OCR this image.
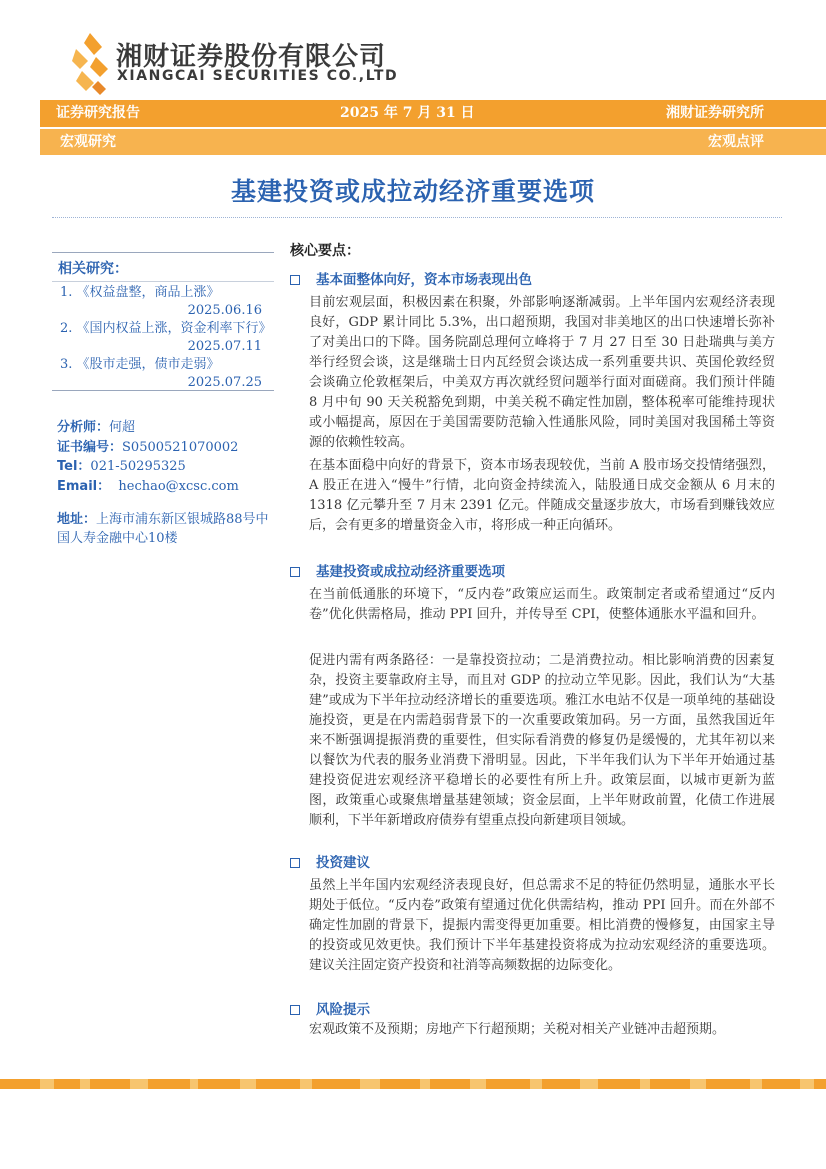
湘财证券股份有限公司
XIANGCAI SECURITIES CO.,LTD
证券研究报告	2025 年 7 月 31 日	湘财证券研究所
宏观研究	宏观点评
基建投资或成拉动经济重要选项
相关研究：
1. 《权益盘整，商品上涨》
2025.06.16
2. 《国内权益上涨，资金利率下行》
2025.07.11
3. 《股市走强，债市走弱》
2025.07.25
分析师：何超
证书编号：S0500521070002
Tel：021-50295325
Email： hechao@xcsc.com
地址：上海市浦东新区银城路88号中国人寿金融中心10楼
核心要点：
基本面整体向好，资本市场表现出色

目前宏观层面，积极因素在积聚，外部影响逐渐减弱。上半年国内宏观经济表现良好，GDP 累计同比 5.3%，出口超预期，我国对非美地区的出口快速增长弥补了对美出口的下降。国务院副总理何立峰将于 7 月 27 日至 30 日赴瑞典与美方举行经贸会谈，这是继瑞士日内瓦经贸会谈达成一系列重要共识、英国伦敦经贸会谈确立伦敦框架后，中美双方再次就经贸问题举行面对面磋商。我们预计伴随 8 月中旬 90 天关税豁免到期，中美关税不确定性加剧，整体税率可能维持现状或小幅提高，原因在于美国需要防范输入性通胀风险，同时美国对我国稀土等资源的依赖性较高。

在基本面稳中向好的背景下，资本市场表现较优，当前 A 股市场交投情绪强烈，A 股正在进入“慢牛”行情，北向资金持续流入，陆股通日成交金额从 6 月末的 1318 亿元攀升至 7 月末 2391 亿元。伴随成交量逐步放大，市场看到赚钱效应后，会有更多的增量资金入市，将形成一种正向循环。

基建投资或成拉动经济重要选项

在当前低通胀的环境下，“反内卷”政策应运而生。政策制定者或希望通过“反内卷”优化供需格局，推动 PPI 回升，并传导至 CPI，使整体通胀水平温和回升。

促进内需有两条路径：一是靠投资拉动；二是消费拉动。相比影响消费的因素复杂，投资主要靠政府主导，而且对 GDP 的拉动立竿见影。因此，我们认为“大基建”或成为下半年拉动经济增长的重要选项。雅江水电站不仅是一项单纯的基础设施投资，更是在内需趋弱背景下的一次重要政策加码。另一方面，虽然我国近年来不断强调提振消费的重要性，但实际看消费的修复仍是缓慢的，尤其年初以来以餐饮为代表的服务业消费下滑明显。因此，下半年我们认为下半年开始通过基建投资促进宏观经济平稳增长的必要性有所上升。政策层面，以城市更新为蓝图，政策重心或聚焦增量基建领域；资金层面，上半年财政前置，化债工作进展顺利，下半年新增政府债券有望重点投向新建项目领域。

投资建议

虽然上半年国内宏观经济表现良好，但总需求不足的特征仍然明显，通胀水平长期处于低位。“反内卷”政策有望通过优化供需结构，推动 PPI 回升。而在外部不确定性加剧的背景下，提振内需变得更加重要。相比消费的慢修复，由国家主导的投资或见效更快。我们预计下半年基建投资将成为拉动宏观经济的重要选项。建议关注固定资产投资和社消等高频数据的边际变化。

风险提示

宏观政策不及预期；房地产下行超预期；关税对相关产业链冲击超预期。
